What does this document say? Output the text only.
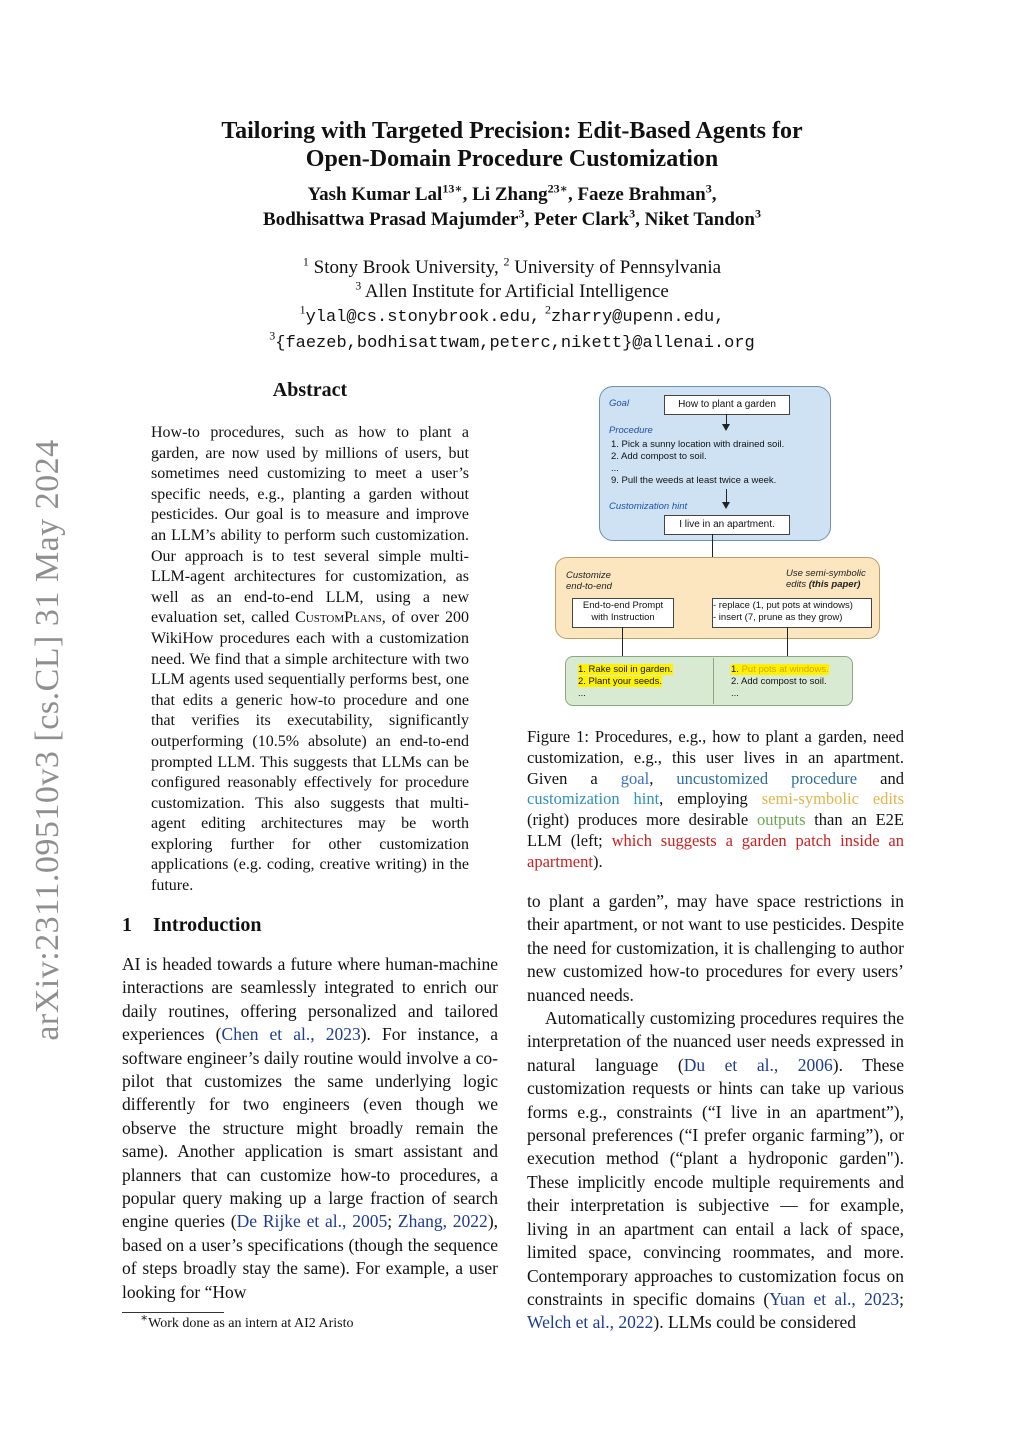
arXiv:2311.09510v3 [cs.CL] 31 May 2024
Tailoring with Targeted Precision: Edit-Based Agents for
Open-Domain Procedure Customization
Yash Kumar Lal$^{13∗}$, Li Zhang$^{23∗}$, Faeze Brahman$^3$,
Bodhisattwa Prasad Majumder$^3$, Peter Clark$^3$, Niket Tandon$^3$
$^1$ Stony Brook University, $^2$ University of Pennsylvania
$^3$ Allen Institute for Artificial Intelligence
$^1$ylal@cs.stonybrook.edu, $^2$zharry@upenn.edu,
$^3${faezeb,bodhisattwam,peterc,nikett}@allenai.org
Abstract
How-to procedures, such as how to plant a garden, are now used by millions of users, but sometimes need customizing to meet a user’s specific needs, e.g., planting a garden without pesticides. Our goal is to measure and improve an LLM’s ability to perform such customization. Our approach is to test several simple multi-LLM-agent architectures for customization, as well as an end-to-end LLM, using a new evaluation set, called CustomPlans, of over 200 WikiHow procedures each with a customization need. We find that a simple architecture with two LLM agents used sequentially performs best, one that edits a generic how-to procedure and one that verifies its executability, significantly outperforming (10.5% absolute) an end-to-end prompted LLM. This suggests that LLMs can be configured reasonably effectively for procedure customization. This also suggests that multi-agent editing architectures may be worth exploring further for other customization applications (e.g. coding, creative writing) in the future.
1 Introduction
AI is headed towards a future where human-machine interactions are seamlessly integrated to enrich our daily routines, offering personalized and tailored experiences (Chen et al., 2023). For instance, a software engineer’s daily routine would involve a co-pilot that customizes the same underlying logic differently for two engineers (even though we observe the structure might broadly remain the same). Another application is smart assistant and planners that can customize how-to procedures, a popular query making up a large fraction of search engine queries (De Rijke et al., 2005; Zhang, 2022), based on a user’s specifications (though the sequence of steps broadly stay the same). For example, a user looking for “How
∗Work done as an intern at AI2 Aristo
Goal	How to plant a garden
Procedure
1. Pick a sunny location with drained soil.
2. Add compost to soil.
...
9. Pull the weeds at least twice a week.
Customization hint
I live in an apartment.
Customize
end-to-end
Use semi-symbolic
edits (this paper)
End-to-end Prompt
with Instruction
- replace (1, put pots at windows)
- insert (7, prune as they grow)
1. Rake soil in garden.
2. Plant your seeds.
...
1. Put pots at windows.
2. Add compost to soil.
...
Figure 1: Procedures, e.g., how to plant a garden, need customization, e.g., this user lives in an apartment. Given a goal, uncustomized procedure and customization hint, employing semi-symbolic edits (right) produces more desirable outputs than an E2E LLM (left; which suggests a garden patch inside an apartment).

to plant a garden”, may have space restrictions in their apartment, or not want to use pesticides. Despite the need for customization, it is challenging to author new customized how-to procedures for every users’ nuanced needs.

Automatically customizing procedures requires the interpretation of the nuanced user needs expressed in natural language (Du et al., 2006). These customization requests or hints can take up various forms e.g., constraints (“I live in an apartment”), personal preferences (“I prefer organic farming”), or execution method (“plant a hydroponic garden"). These implicitly encode multiple requirements and their interpretation is subjective — for example, living in an apartment can entail a lack of space, limited space, convincing roommates, and more. Contemporary approaches to customization focus on constraints in specific domains (Yuan et al., 2023; Welch et al., 2022). LLMs could be considered
